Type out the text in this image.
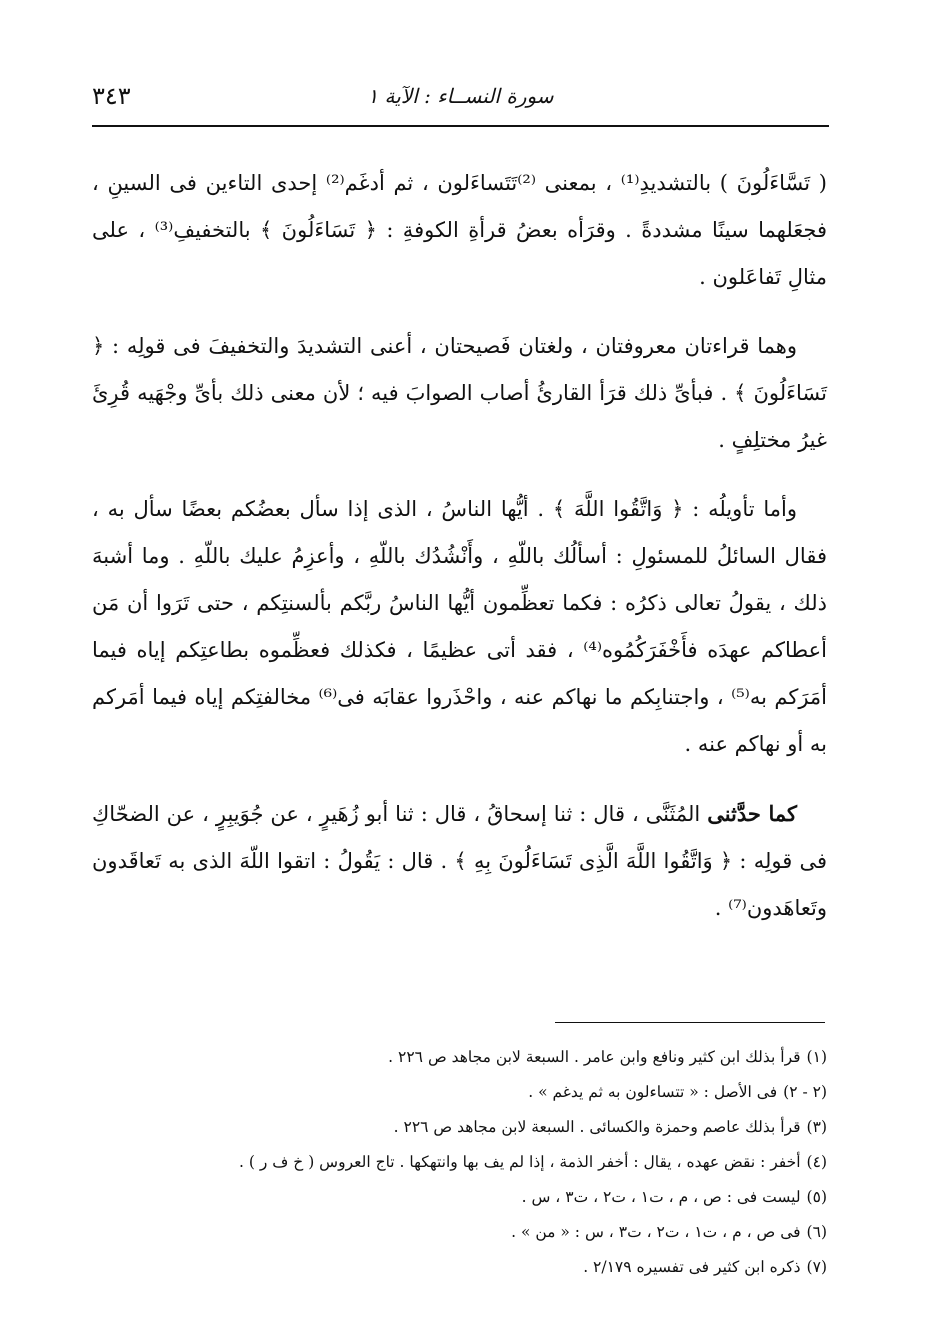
سورة النســاء : الآية ١
٣٤٣

( تَسَّاءَلُونَ ) بالتشديدِ⁽¹⁾ ، بمعنى ⁽²⁾تَتَساءَلون ، ثم أدغَم⁽²⁾ إحدى التاءين فى السينِ ، فجعَلهما سينًا مشددةً . وقرَأه بعضُ قرأةِ الكوفةِ : ﴿ تَسَاءَلُونَ ﴾ بالتخفيفِ⁽³⁾ ، على مثالِ تَفاعَلون .

وهما قراءتان معروفتان ، ولغتان فَصيحتان ، أعنى التشديدَ والتخفيفَ فى قولِه : ﴿ تَسَاءَلُونَ ﴾ . فبأىِّ ذلك قرَأ القارئُ أصاب الصوابَ فيه ؛ لأن معنى ذلك بأىِّ وجْهَيه قُرِئَ غيرُ مختلِفٍ .

وأما تأويلُه : ﴿ وَاتَّقُوا اللَّهَ ﴾ . أيُّها الناسُ ، الذى إذا سأل بعضُكم بعضًا سأل به ، فقال السائلُ للمسئولِ : أسألُك باللّهِ ، وأَنْشُدُك باللّهِ ، وأعزِمُ عليك باللّهِ . وما أشبهَ ذلك ، يقولُ تعالى ذكرُه : فكما تعظِّمون أيُّها الناسُ ربَّكم بألسنتِكم ، حتى تَرَوا أن مَن أعطاكم عهدَه فأَخْفَرَكُمُوه⁽⁴⁾ ، فقد أتى عظيمًا ، فكذلك فعظِّموه بطاعتِكم إياه فيما أمَرَكم به⁽⁵⁾ ، واجتنابِكم ما نهاكم عنه ، واحْذَروا عقابَه فى⁽⁶⁾ مخالفتِكم إياه فيما أمَركم به أو نهاكم عنه .

كما حدَّثنى المُثَنَّى ، قال : ثنا إسحاقُ ، قال : ثنا أبو زُهَيرٍ ، عن جُوَيبِرٍ ، عن الضحّاكِ فى قولِه : ﴿ وَاتَّقُوا اللَّهَ الَّذِى تَسَاءَلُونَ بِهِ ﴾ . قال : يَقُولُ : اتقوا اللّهَ الذى به تَعاقَدون وتَعاهَدون⁽⁷⁾ .

(١)قرأ بذلك ابن كثير ونافع وابن عامر . السبعة لابن مجاهد ص ٢٢٦ .
(٢ - ٢)فى الأصل : « تتساءلون به ثم يدغم » .
(٣)قرأ بذلك عاصم وحمزة والكسائى . السبعة لابن مجاهد ص ٢٢٦ .
(٤)أخفر : نقض عهده ، يقال : أخفر الذمة ، إذا لم يف بها وانتهكها . تاج العروس ( خ ف ر ) .
(٥)ليست فى : ص ، م ، ت١ ، ت٢ ، ت٣ ، س .
(٦)فى ص ، م ، ت١ ، ت٢ ، ت٣ ، س : « من » .
(٧)ذكره ابن كثير فى تفسيره ٢/١٧٩ .
